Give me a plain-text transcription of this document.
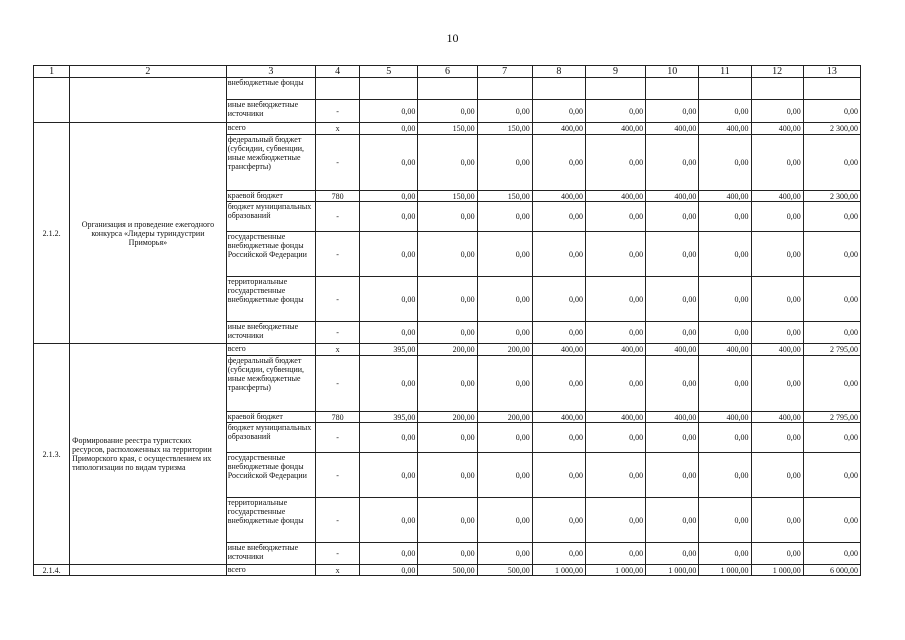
10
1	2	3	4	5	6	7	8	9	10	11	12	13
		внебюджетные фонды										
		иные внебюджетные источники	-	0,00	0,00	0,00	0,00	0,00	0,00	0,00	0,00	0,00
2.1.2.	Организация и проведение ежегодного конкурса «Лидеры туриндустрии Приморья»	всего	х	0,00	150,00	150,00	400,00	400,00	400,00	400,00	400,00	2 300,00
		федеральный бюджет (субсидии, субвенции, иные межбюджетные трансферты)	-	0,00	0,00	0,00	0,00	0,00	0,00	0,00	0,00	0,00
		краевой бюджет	780	0,00	150,00	150,00	400,00	400,00	400,00	400,00	400,00	2 300,00
		бюджет муниципальных образований	-	0,00	0,00	0,00	0,00	0,00	0,00	0,00	0,00	0,00
		государственные внебюджетные фонды Российской Федерации	-	0,00	0,00	0,00	0,00	0,00	0,00	0,00	0,00	0,00
		территориальные государственные внебюджетные фонды	-	0,00	0,00	0,00	0,00	0,00	0,00	0,00	0,00	0,00
		иные внебюджетные источники	-	0,00	0,00	0,00	0,00	0,00	0,00	0,00	0,00	0,00
2.1.3.	Формирование реестра туристских ресурсов, расположенных на территории Приморского края, с осуществлением их типологизации по видам туризма	всего	х	395,00	200,00	200,00	400,00	400,00	400,00	400,00	400,00	2 795,00
		федеральный бюджет (субсидии, субвенции, иные межбюджетные трансферты)	-	0,00	0,00	0,00	0,00	0,00	0,00	0,00	0,00	0,00
		краевой бюджет	780	395,00	200,00	200,00	400,00	400,00	400,00	400,00	400,00	2 795,00
		бюджет муниципальных образований	-	0,00	0,00	0,00	0,00	0,00	0,00	0,00	0,00	0,00
		государственные внебюджетные фонды Российской Федерации	-	0,00	0,00	0,00	0,00	0,00	0,00	0,00	0,00	0,00
		территориальные государственные внебюджетные фонды	-	0,00	0,00	0,00	0,00	0,00	0,00	0,00	0,00	0,00
		иные внебюджетные источники	-	0,00	0,00	0,00	0,00	0,00	0,00	0,00	0,00	0,00
2.1.4.		всего	х	0,00	500,00	500,00	1 000,00	1 000,00	1 000,00	1 000,00	1 000,00	6 000,00
